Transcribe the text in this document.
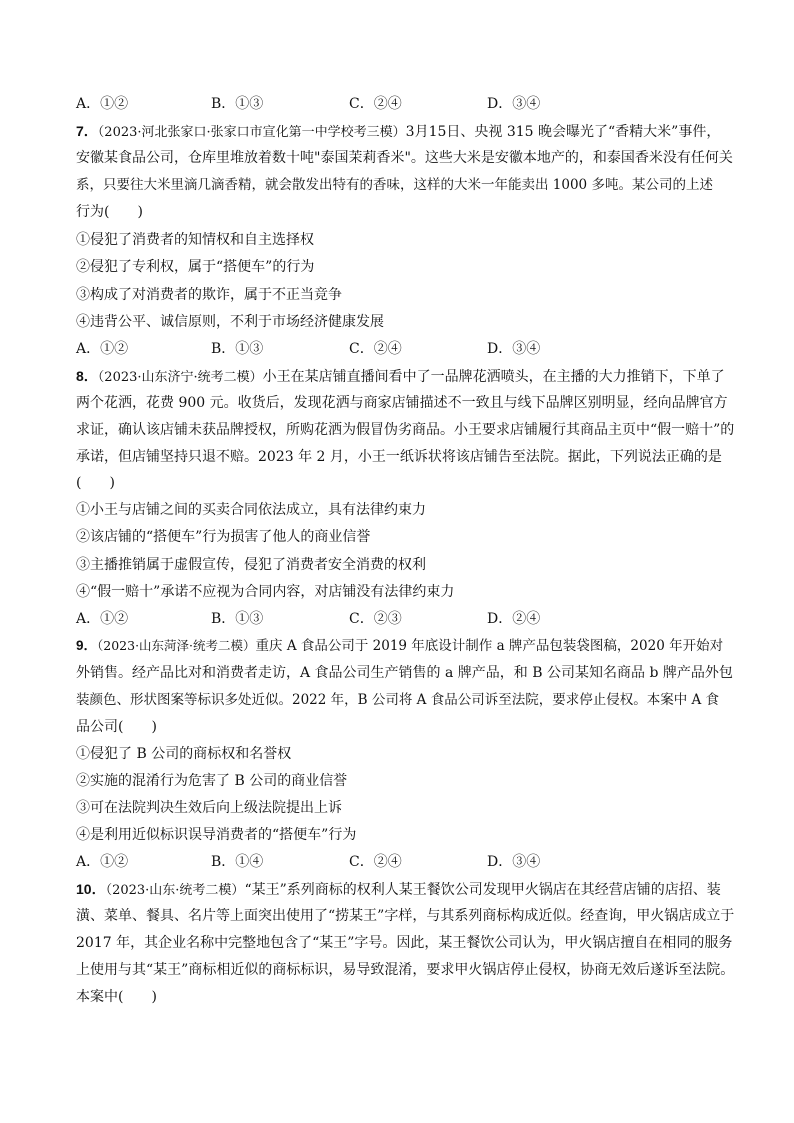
A．①②	B．①③	C．②④	D．③④
7．（2023·河北张家口·张家口市宣化第一中学校考三模）3月15日、央视 315 晚会曝光了“香精大米”事件，
安徽某食品公司，仓库里堆放着数十吨"泰国茉莉香米"。这些大米是安徽本地产的，和泰国香米没有任何关
系，只要往大米里滴几滴香精，就会散发出特有的香味，这样的大米一年能卖出 1000 多吨。某公司的上述
行为(　　)
①侵犯了消费者的知情权和自主选择权
②侵犯了专利权，属于“搭便车”的行为
③构成了对消费者的欺诈，属于不正当竞争
④违背公平、诚信原则，不利于市场经济健康发展
A．①②	B．①③	C．②④	D．③④
8．（2023·山东济宁·统考二模）小王在某店铺直播间看中了一品牌花洒喷头，在主播的大力推销下，下单了
两个花洒，花费 900 元。收货后，发现花洒与商家店铺描述不一致且与线下品牌区别明显，经向品牌官方
求证，确认该店铺未获品牌授权，所购花洒为假冒伪劣商品。小王要求店铺履行其商品主页中“假一赔十”的
承诺，但店铺坚持只退不赔。2023 年 2 月，小王一纸诉状将该店铺告至法院。据此，下列说法正确的是
(　　)
①小王与店铺之间的买卖合同依法成立，具有法律约束力
②该店铺的“搭便车”行为损害了他人的商业信誉
③主播推销属于虚假宣传，侵犯了消费者安全消费的权利
④“假一赔十”承诺不应视为合同内容，对店铺没有法律约束力
A．①②	B．①③	C．②③	D．②④
9．（2023·山东菏泽·统考二模）重庆 A 食品公司于 2019 年底设计制作 a 牌产品包装袋图稿，2020 年开始对
外销售。经产品比对和消费者走访，A 食品公司生产销售的 a 牌产品，和 B 公司某知名商品 b 牌产品外包
装颜色、形状图案等标识多处近似。2022 年，B 公司将 A 食品公司诉至法院，要求停止侵权。本案中 A 食
品公司(　　)
①侵犯了 B 公司的商标权和名誉权
②实施的混淆行为危害了 B 公司的商业信誉
③可在法院判决生效后向上级法院提出上诉
④是利用近似标识误导消费者的“搭便车”行为
A．①②	B．①④	C．②④	D．③④
10．（2023·山东·统考二模）“某王”系列商标的权利人某王餐饮公司发现甲火锅店在其经营店铺的店招、装
潢、菜单、餐具、名片等上面突出使用了“捞某王”字样，与其系列商标构成近似。经查询，甲火锅店成立于
2017 年，其企业名称中完整地包含了“某王”字号。因此，某王餐饮公司认为，甲火锅店擅自在相同的服务
上使用与其“某王”商标相近似的商标标识，易导致混淆，要求甲火锅店停止侵权，协商无效后遂诉至法院。
本案中(　　)
